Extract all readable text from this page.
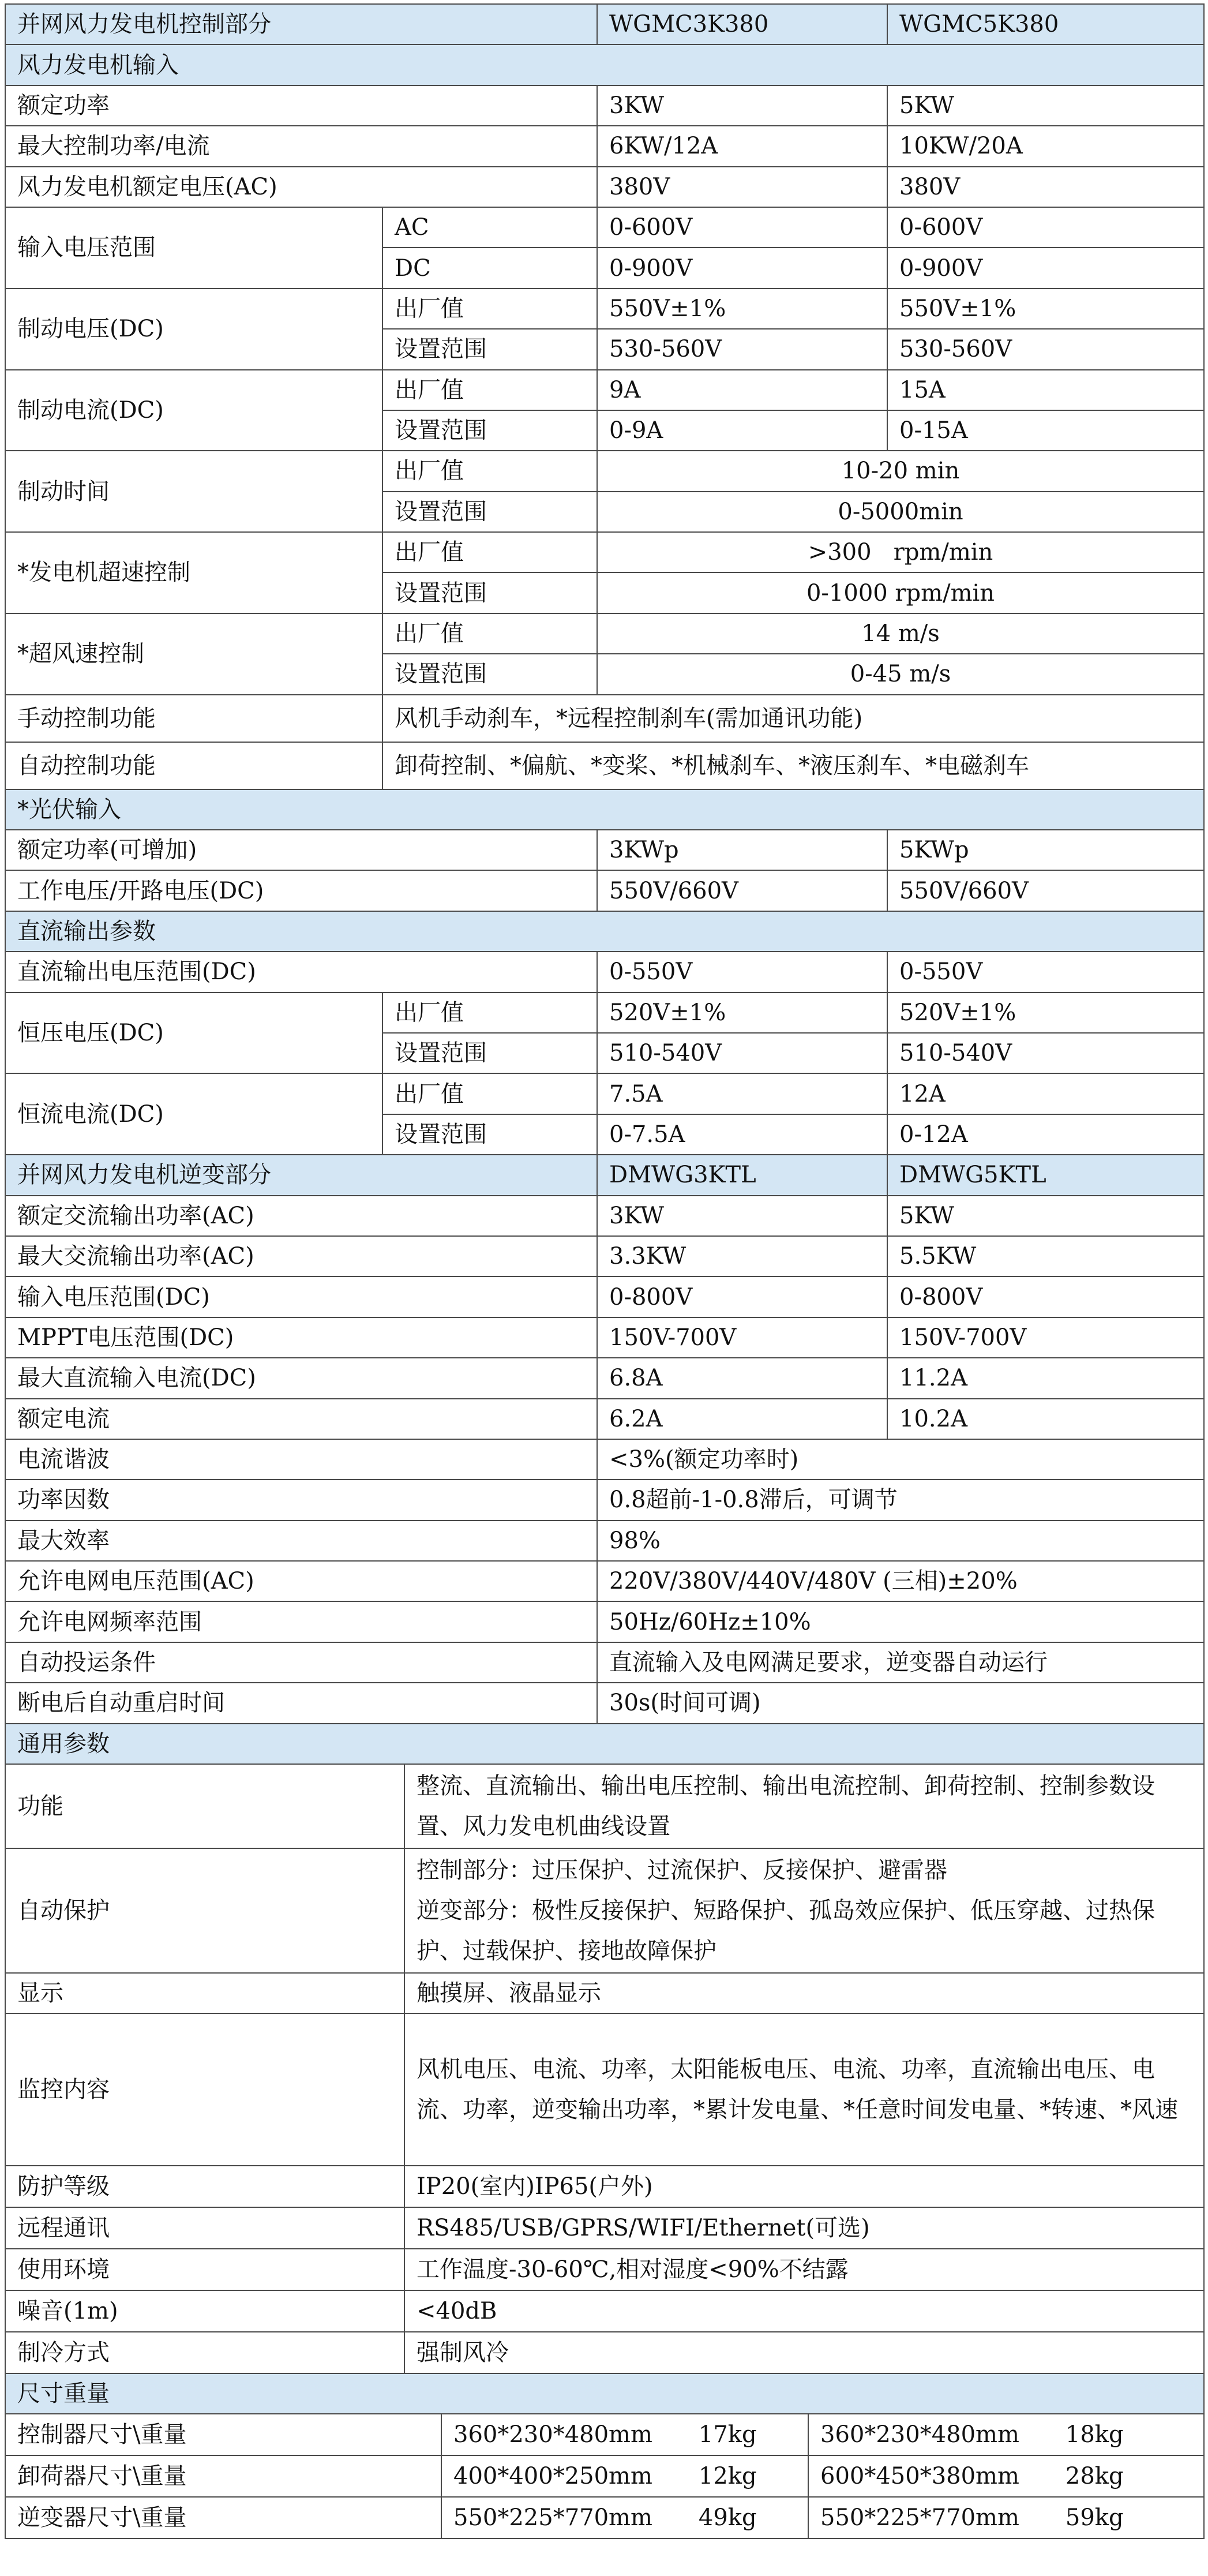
并网风力发电机控制部分		WGMC3K380	WGMC5K380
风力发电机输入			
额定功率		3KW	5KW
最大控制功率/电流		6KW/12A	10KW/20A
风力发电机额定电压(AC)		380V	380V
输入电压范围	AC	0-600V	0-600V
	DC	0-900V	0-900V
制动电压(DC)	出厂值	550V±1%	550V±1%
	设置范围	530-560V	530-560V
制动电流(DC)	出厂值	9A	15A
	设置范围	0-9A	0-15A
制动时间	出厂值	10-20 min	
	设置范围	0-5000min	
*发电机超速控制	出厂值	>300   rpm/min	
	设置范围	0-1000 rpm/min	
*超风速控制	出厂值	14 m/s	
	设置范围	0-45 m/s	
手动控制功能	风机手动刹车，*远程控制刹车(需加通讯功能)		
自动控制功能	卸荷控制、*偏航、*变桨、*机械刹车、*液压刹车、*电磁刹车		
*光伏输入			
额定功率(可增加)		3KWp	5KWp
工作电压/开路电压(DC)		550V/660V	550V/660V
直流输出参数			
直流输出电压范围(DC)		0-550V	0-550V
恒压电压(DC)	出厂值	520V±1%	520V±1%
	设置范围	510-540V	510-540V
恒流电流(DC)	出厂值	7.5A	12A
	设置范围	0-7.5A	0-12A
并网风力发电机逆变部分		DMWG3KTL	DMWG5KTL
额定交流输出功率(AC)		3KW	5KW
最大交流输出功率(AC)		3.3KW	5.5KW
输入电压范围(DC)		0-800V	0-800V
MPPT电压范围(DC)		150V-700V	150V-700V
最大直流输入电流(DC)		6.8A	11.2A
额定电流		6.2A	10.2A
电流谐波		<3%(额定功率时)	
功率因数		0.8超前-1-0.8滞后，可调节	
最大效率		98%	
允许电网电压范围(AC)		220V/380V/440V/480V (三相)±20%	
允许电网频率范围		50Hz/60Hz±10%	
自动投运条件		直流输入及电网满足要求，逆变器自动运行	
断电后自动重启时间		30s(时间可调)	
通用参数	
功能	整流、直流输出、输出电压控制、输出电流控制、卸荷控制、控制参数设置、风力发电机曲线设置
自动保护	控制部分：过压保护、过流保护、反接保护、避雷器
逆变部分：极性反接保护、短路保护、孤岛效应保护、低压穿越、过热保护、过载保护、接地故障保护

显示	触摸屏、液晶显示
监控内容	风机电压、电流、功率，太阳能板电压、电流、功率，直流输出电压、电流、功率，逆变输出功率，*累计发电量、*任意时间发电量、*转速、*风速
防护等级	IP20(室内)IP65(户外)
远程通讯	RS485/USB/GPRS/WIFI/Ethernet(可选)
使用环境	工作温度-30-60℃,相对湿度<90%不结露
噪音(1m)	<40dB
制冷方式	强制风冷
尺寸重量		
控制器尺寸\重量	360*230*480mm 17kg	360*230*480mm 18kg
卸荷器尺寸\重量	400*400*250mm 12kg	600*450*380mm 28kg
逆变器尺寸\重量	550*225*770mm 49kg	550*225*770mm 59kg
